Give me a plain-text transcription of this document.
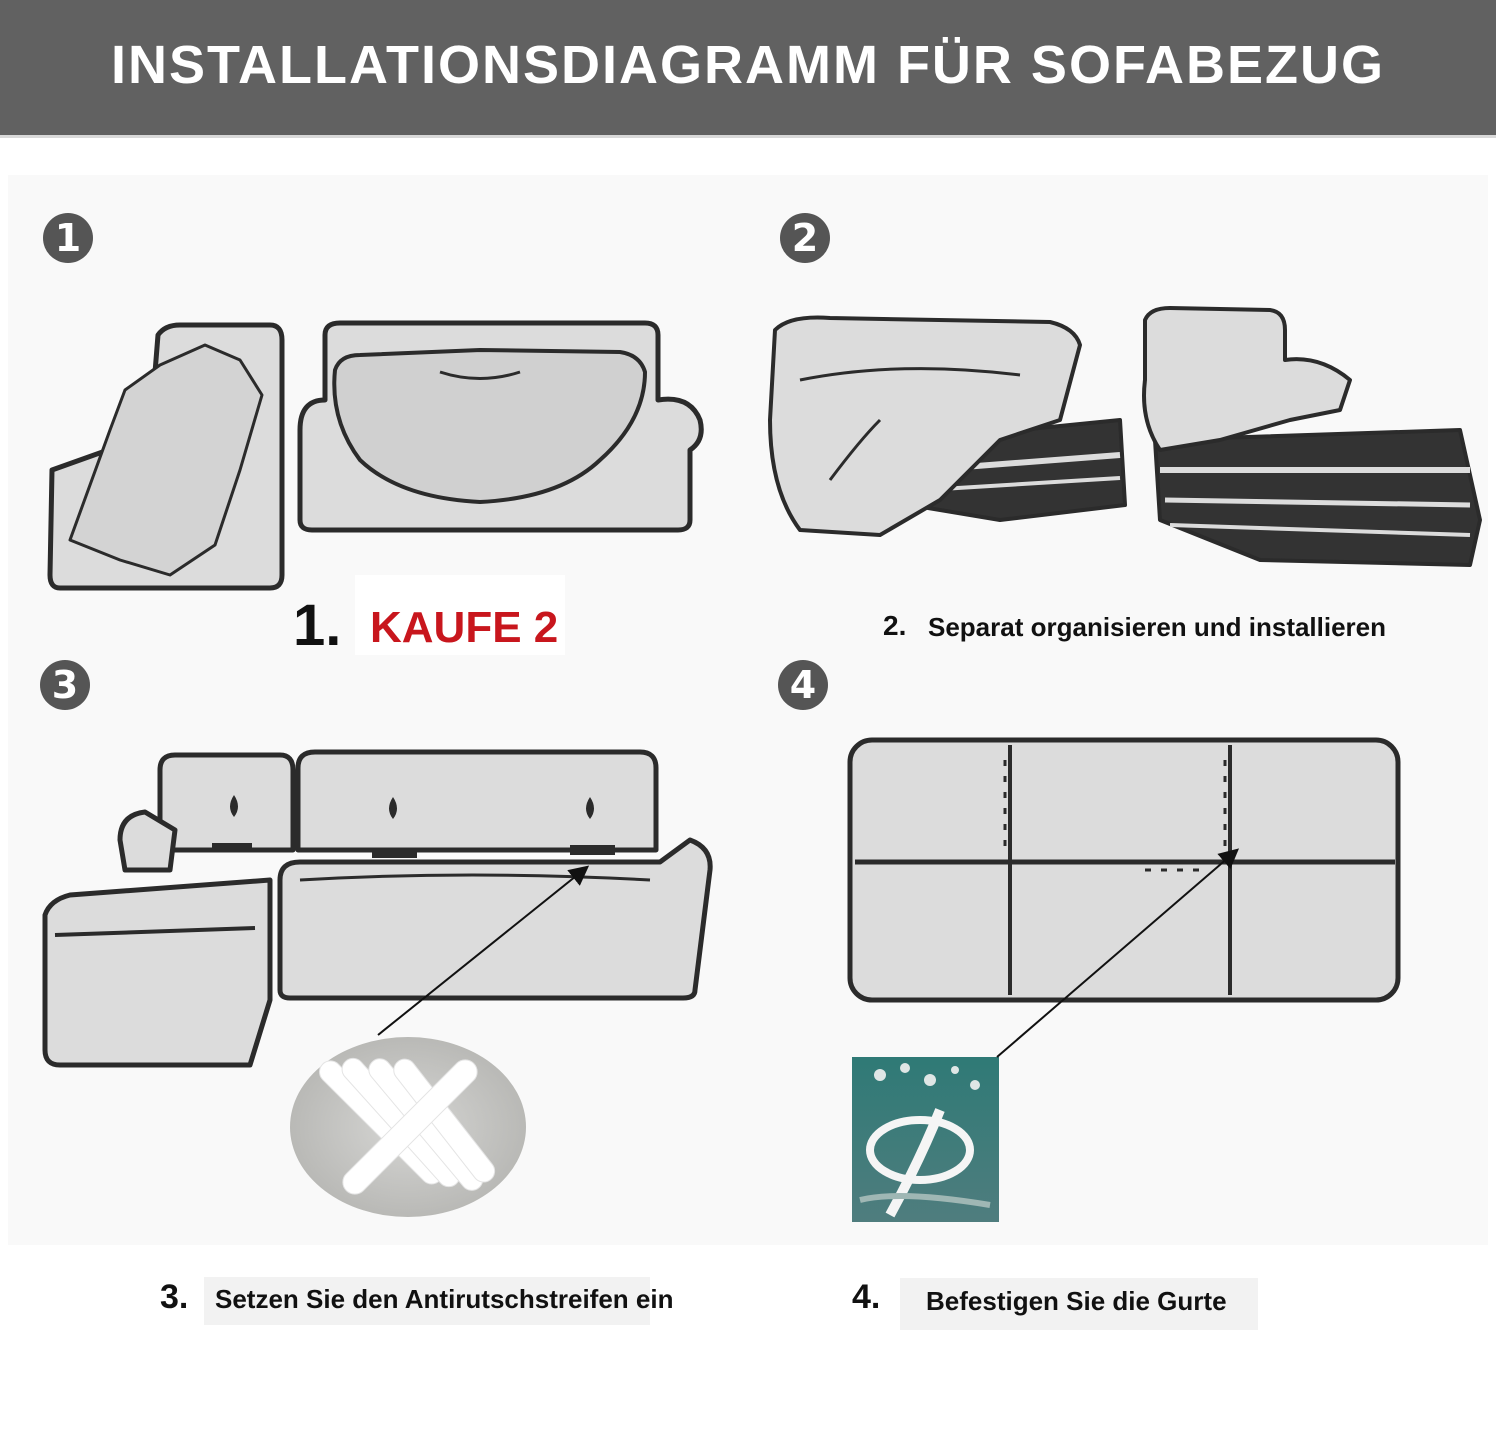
INSTALLATIONSDIAGRAMM FÜR SOFABEZUG
1	2
3	4
1. KAUFE 2	2. Separat organisieren und installieren
3. Setzen Sie den Antirutschstreifen ein	4. Befestigen Sie die Gurte
